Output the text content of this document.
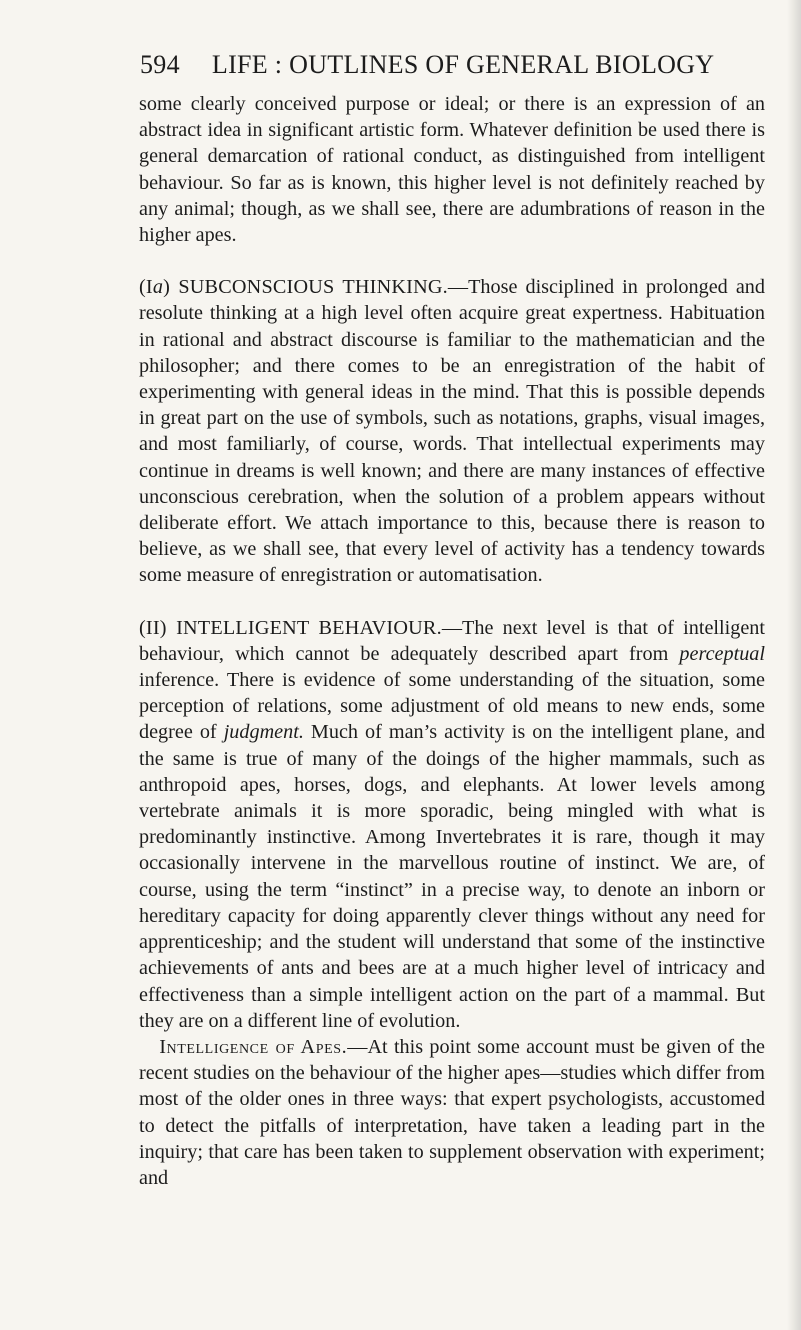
594 LIFE : OUTLINES OF GENERAL BIOLOGY

some clearly conceived purpose or ideal; or there is an expression of an abstract idea in significant artistic form. Whatever definition be used there is general demarcation of rational conduct, as distinguished from intelligent behaviour. So far as is known, this higher level is not definitely reached by any animal; though, as we shall see, there are adumbrations of reason in the higher apes.

(Ia) SUBCONSCIOUS THINKING.—Those disciplined in prolonged and resolute thinking at a high level often acquire great expertness. Habituation in rational and abstract discourse is familiar to the mathematician and the philosopher; and there comes to be an enregistration of the habit of experimenting with general ideas in the mind. That this is possible depends in great part on the use of symbols, such as notations, graphs, visual images, and most familiarly, of course, words. That intellectual experiments may continue in dreams is well known; and there are many instances of effective unconscious cerebration, when the solution of a problem appears without deliberate effort. We attach importance to this, because there is reason to believe, as we shall see, that every level of activity has a tendency towards some measure of enregistration or automatisation.

(II) INTELLIGENT BEHAVIOUR.—The next level is that of intelligent behaviour, which cannot be adequately described apart from perceptual inference. There is evidence of some understanding of the situation, some perception of relations, some adjustment of old means to new ends, some degree of judgment. Much of man’s activity is on the intelligent plane, and the same is true of many of the doings of the higher mammals, such as anthropoid apes, horses, dogs, and elephants. At lower levels among vertebrate animals it is more sporadic, being mingled with what is predominantly instinctive. Among Invertebrates it is rare, though it may occasionally intervene in the marvellous routine of instinct. We are, of course, using the term “instinct” in a precise way, to denote an inborn or hereditary capacity for doing apparently clever things without any need for apprenticeship; and the student will understand that some of the instinctive achievements of ants and bees are at a much higher level of intricacy and effectiveness than a simple intelligent action on the part of a mammal. But they are on a different line of evolution.

 Intelligence of Apes.—At this point some account must be given of the recent studies on the behaviour of the higher apes—studies which differ from most of the older ones in three ways: that expert psychologists, accustomed to detect the pitfalls of interpretation, have taken a leading part in the inquiry; that care has been taken to supplement observation with experiment; and
